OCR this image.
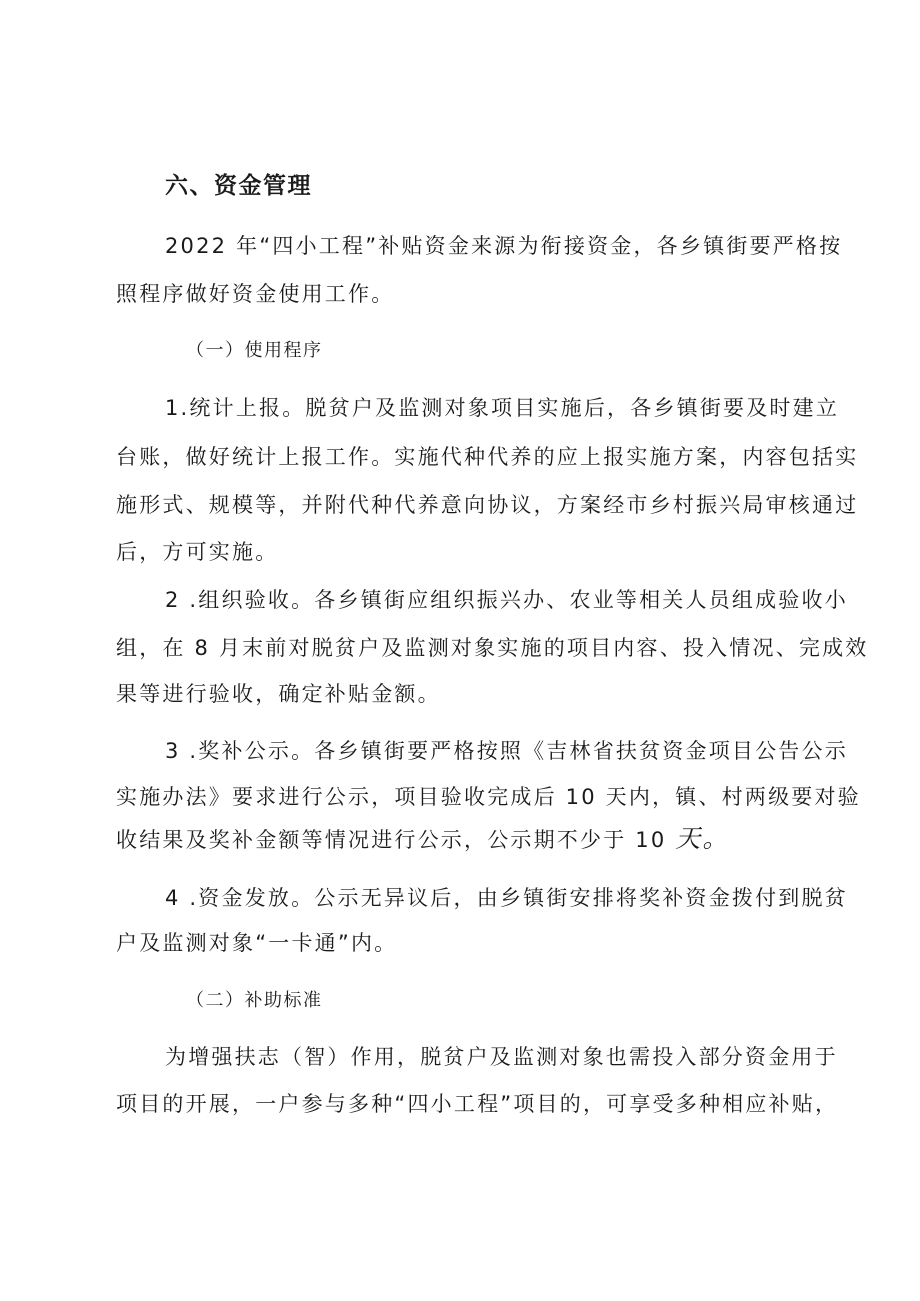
六、资金管理
2022 年“四小工程”补贴资金来源为衔接资金，各乡镇街要严格按
照程序做好资金使用工作。
（一）使用程序
1.统计上报。脱贫户及监测对象项目实施后，各乡镇街要及时建立
台账，做好统计上报工作。实施代种代养的应上报实施方案，内容包括实
施形式、规模等，并附代种代养意向协议，方案经市乡村振兴局审核通过
后，方可实施。
2 .组织验收。各乡镇街应组织振兴办、农业等相关人员组成验收小
组，在 8 月末前对脱贫户及监测对象实施的项目内容、投入情况、完成效
果等进行验收，确定补贴金额。
3 .奖补公示。各乡镇街要严格按照《吉林省扶贫资金项目公告公示
实施办法》要求进行公示，项目验收完成后 10 天内，镇、村两级要对验
收结果及奖补金额等情况进行公示，公示期不少于 10 天。
4 .资金发放。公示无异议后，由乡镇街安排将奖补资金拨付到脱贫
户及监测对象“一卡通”内。
（二）补助标准
为增强扶志（智）作用，脱贫户及监测对象也需投入部分资金用于
项目的开展，一户参与多种“四小工程”项目的，可享受多种相应补贴，
